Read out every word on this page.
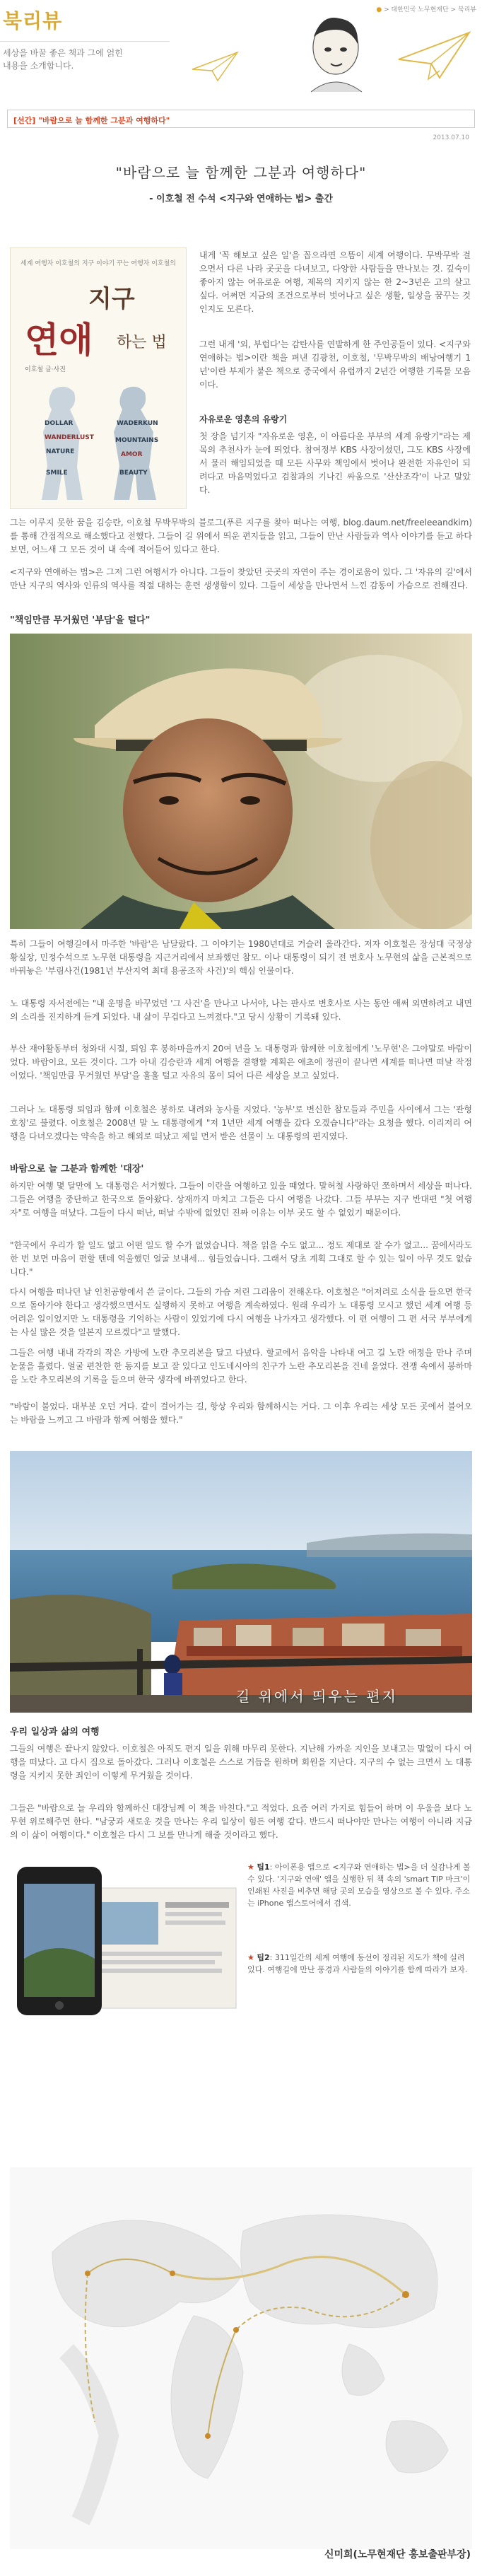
북리뷰
세상을 바꿀 좋은 책과 그에 얽힌
내용을 소개합니다.
● > 대한민국 노무현재단 > 북리뷰
[선간] "바람으로 늘 함께한 그분과 여행하다"
2013.07.10
"바람으로 늘 함께한 그분과 여행하다"
- 이호철 전 수석 <지구와 연애하는 법> 출간
세계 여행자 이호철의 지구 이야기 꾸는 여행자 이호철의
지구
연애 하는 법
이호철 글·사진
DOLLAR
WANDERLUST
NATURE
WADERKUN
MOUNTAINS
AMOR
SMILE	BEAUTY
내게 '꼭 해보고 싶은 일'을 꼽으라면 으뜸이 세계 여행이다. 무박무박 걸으면서 다른 나라 곳곳을 다녀보고, 다양한 사람들을 만나보는 것. 깊숙이 좋아지 않는 여유로운 여행, 제목의 지키지 않는 한 2~3년은 고의 살고 싶다. 어쩌면 지금의 조건으로부터 벗어나고 싶은 생활, 일상을 꿈꾸는 것인지도 모른다.
그런 내게 '외, 부럽다'는 감탄사를 연발하게 한 주인공들이 있다. <지구와 연애하는 법>이란 책을 펴낸 김광천, 이호철, '무박무박의 배낭여행기 1년'이란 부제가 붙은 책으로 중국에서 유럽까지 2년간 여행한 기록물 모음이다.
자유로운 영혼의 유랑기
첫 장을 넘기자 "자유로운 영혼, 이 아름다운 부부의 세계 유랑기"라는 제목의 추천사가 눈에 띄었다. 참여정부 KBS 사장이셨던, 그도 KBS 사장에서 물러 해임되었을 때 모든 사무와 책임에서 벗어나 완전한 자유인이 되려다고 마음먹었다고 검찰과의 기나긴 싸움으로 '산산조각'이 나고 말았다.
그는 이루지 못한 꿈을 김승란, 이호철 무박무박의 블로그(푸른 지구를 찾아 떠나는 여행, blog.daum.net/freeleeandkim)를 통해 간접적으로 해소했다고 전했다. 그들이 길 위에서 띄운 편지들을 읽고, 그들이 만난 사람들과 역사 이야기를 듣고 하다 보면, 어느새 그 모든 것이 내 속에 적어들어 있다고 한다.
<지구와 연애하는 법>은 그저 그런 여행서가 아니다. 그들이 찾았던 곳곳의 자연이 주는 경이로움이 있다. 그 '자유의 길'에서 만난 지구의 역사와 인류의 역사를 적절 대하는 훈련 생생함이 있다. 그들이 세상을 만나면서 느낀 감동이 가슴으로 전해진다.
"책임만큼 무거웠던 '부담'을 털다"
특히 그들이 여행길에서 마주한 '바람'은 남달랐다. 그 이야기는 1980년대로 거슬러 올라간다. 저자 이호철은 장성대 국정상황실장, 민정수석으로 노무현 대통령을 지근거리에서 보좌했던 참모. 이나 대통령이 되기 전 변호사 노무현의 삶을 근본적으로 바꿔놓은 '부림사건(1981년 부산지역 최대 용공조작 사건)'의 핵심 인물이다.
노 대통령 자서전에는 "내 운명을 바꾸었던 '그 사건'을 만나고 나서야, 나는 판사로 변호사로 사는 동안 애써 외면하려고 내면의 소리를 진지하게 듣게 되었다. 내 삶이 무겁다고 느껴졌다."고 당시 상황이 기록돼 있다.
부산 재야활동부터 청와대 시절, 퇴임 후 봉하마을까지 20여 년을 노 대통령과 함께한 이호철에게 '노무현'은 그야말로 바람이었다. 바람이요, 모든 것이다. 그가 아내 김승란과 세계 여행을 결행할 계획은 애초에 정권이 끝나면 세계를 떠나면 떠날 작정이었다. '책임만큼 무거웠던 부담'을 훌훌 털고 자유의 몸이 되어 다른 세상을 보고 싶었다.
그러나 노 대통령 퇴임과 함께 이호철은 봉하로 내려와 농사를 지었다. '농부'로 변신한 참모들과 주민을 사이에서 그는 '관형 호칭'로 불렸다. 이호철은 2008년 말 노 대통령에게 "저 1년만 세계 여행을 갔다 오겠습니다"라는 요청을 했다. 이리저리 여행을 다녀오겠다는 약속을 하고 해외로 떠났고 제일 먼저 받은 선물이 노 대통령의 편지였다.
바람으로 늘 그분과 함께한 '대장'
하지만 여행 몇 달만에 노 대통령은 서거했다. 그들이 이란을 여행하고 있을 때였다. 말허철 사랑하던 쪼하며서 세상을 떠나다. 그들은 여행을 중단하고 한국으로 돌아왔다. 상재까지 마치고 그들은 다시 여행을 나갔다. 그들 부부는 지구 반대편 "첫 여행자"로 여행을 떠났다. 그들이 다시 떠난, 떠날 수밖에 없었던 진짜 이유는 이부 곳도 할 수 없었기 때문이다.
"한국에서 우리가 할 일도 없고 어떤 일도 할 수가 없었습니다. 책을 읽을 수도 없고... 정도 제대로 잘 수가 없고... 꿈에서라도 한 번 보면 마음이 편할 텐데 억울했던 얼굴 보내세... 힘들었습니다. 그래서 당초 계획 그대로 할 수 있는 일이 아무 것도 없습니다."
다시 여행을 떠나던 날 인천공항에서 쓴 글이다. 그들의 가슴 저린 그리움이 전해온다. 이호철은 "어저려로 소식을 들으면 한국으로 돌아가야 한다고 생각했으면서도 실행하지 못하고 여행을 계속하였다. 원래 우리가 노 대통령 모시고 했던 세계 여행 등 어려운 일이었지만 노 대통령을 기억하는 사람이 있었기에 다시 여행을 나가자고 생각했다. 이 편 여행이 그 편 서국 부부에게는 사실 많은 것을 일본지 모르겠다"고 말했다.
그들은 여행 내내 각각의 작은 가방에 노란 추모리본을 달고 다녔다. 할교에서 음악을 나타내 여고 길 노란 애정을 만나 주며 눈물을 흘렸다. 얼굴 편찬한 한 동지를 보고 잘 있다고 인도네시아의 친구가 노란 추모리본을 건네 울었다. 전쟁 속에서 봉하마을 노란 추모리본의 기록을 들으며 한국 생각에 바뀌었다고 한다.
"바람이 불었다. 대부분 오던 거다. 같이 걸어가는 길, 항상 우리와 함께하시는 거다. 그 이후 우리는 세상 모든 곳에서 불어오는 바람을 느끼고 그 바람과 함께 여행을 했다."
길 위에서 띄우는 편지
우리 일상과 삶의 여행
그들의 여행은 끝나지 않았다. 이호철은 아직도 편지 일을 위해 마무리 못한다. 지난해 가까운 지인을 보내고는 말없이 다시 여행을 떠났다. 고 다시 집으로 돌아갔다. 그러나 이호철은 스스로 거듭을 원하며 회원을 지난다. 지구의 수 없는 크면서 노 대통령을 지키지 못한 죄인이 이렇게 무거웠을 것이다.
그들은 "바람으로 늘 우리와 함께하신 대장님께 이 책을 바친다."고 적었다. 요즘 여러 가지로 힘들어 하며 이 우울을 보다 노무현 위로해주면 한다. "남궁과 새로운 것을 만나는 우리 일상이 힘든 여행 같다. 반드시 떠나야만 만나는 여행이 아니라 지금의 이 삶이 여행이다." 이호철은 다시 그 보를 만나게 해줄 것이라고 했다.
★ 팁1: 아이폰용 앱으로 <지구와 연애하는 법>을 더 실감나게 볼 수 있다. '지구와 연애' 앱을 실행한 뒤 책 속의 'smart TIP 마크'이 인쇄된 사진을 비추면 해당 곳의 모습을 영상으로 볼 수 있다. 주소는 iPhone 앱스토어에서 검색.
★ 팁2: 311일간의 세계 여행에 동선이 정리된 지도가 책에 실려 있다. 여행길에 만난 풍경과 사람들의 이야기를 함께 따라가 보자.
신미희(노무현재단 홍보출판부장)
